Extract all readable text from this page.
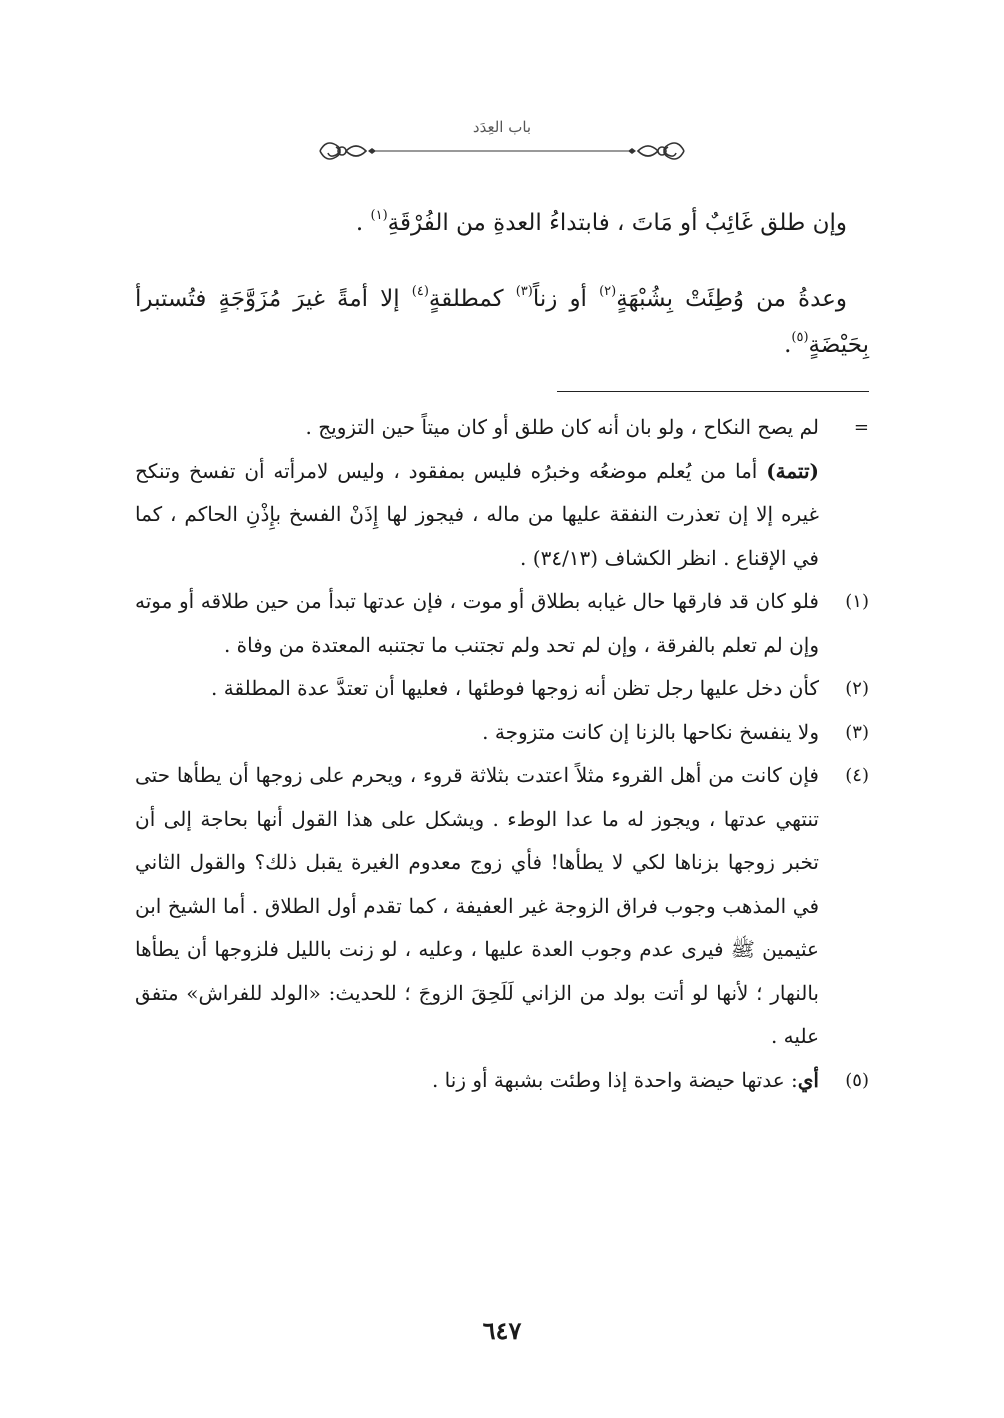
باب العِدَد

وإن طلق غَائِبٌ أو مَاتَ ، فابتداءُ العدةِ من الفُرْقَةِ$^{(١)}$ .

وعدةُ من وُطِئَتْ بِشُبْهَةٍ$^{(٢)}$ أو زناً$^{(٣)}$ كمطلقةٍ$^{(٤)}$ إلا أمةً غيرَ مُزَوَّجَةٍ فتُستبرأ بِحَيْضَةٍ$^{(٥)}$.

=
لم يصح النكاح ، ولو بان أنه كان طلق أو كان ميتاً حين التزويج .
(تتمة) أما من يُعلم موضعُه وخبرُه فليس بمفقود ، وليس لامرأته أن تفسخ وتنكح غيره إلا إن تعذرت النفقة عليها من ماله ، فيجوز لها إِذَنْ الفسخ بإِذْنِ الحاكم ، كما في الإقناع . انظر الكشاف (٣٤/١٣) .
(١)
فلو كان قد فارقها حال غيابه بطلاق أو موت ، فإن عدتها تبدأ من حين طلاقه أو موته وإن لم تعلم بالفرقة ، وإن لم تحد ولم تجتنب ما تجتنبه المعتدة من وفاة .
(٢)
كأن دخل عليها رجل تظن أنه زوجها فوطئها ، فعليها أن تعتدَّ عدة المطلقة .
(٣)
ولا ينفسخ نكاحها بالزنا إن كانت متزوجة .
(٤)
فإن كانت من أهل القروء مثلاً اعتدت بثلاثة قروء ، ويحرم على زوجها أن يطأها حتى تنتهي عدتها ، ويجوز له ما عدا الوطء . ويشكل على هذا القول أنها بحاجة إلى أن تخبر زوجها بزناها لكي لا يطأها! فأي زوج معدوم الغيرة يقبل ذلك؟ والقول الثاني في المذهب وجوب فراق الزوجة غير العفيفة ، كما تقدم أول الطلاق . أما الشيخ ابن عثيمين ﷺ فيرى عدم وجوب العدة عليها ، وعليه ، لو زنت بالليل فلزوجها أن يطأها بالنهار ؛ لأنها لو أتت بولد من الزاني لَلَحِقَ الزوجَ ؛ للحديث: «الولد للفراش» متفق عليه .
(٥)
أي: عدتها حيضة واحدة إذا وطئت بشبهة أو زنا .
٦٤٧
